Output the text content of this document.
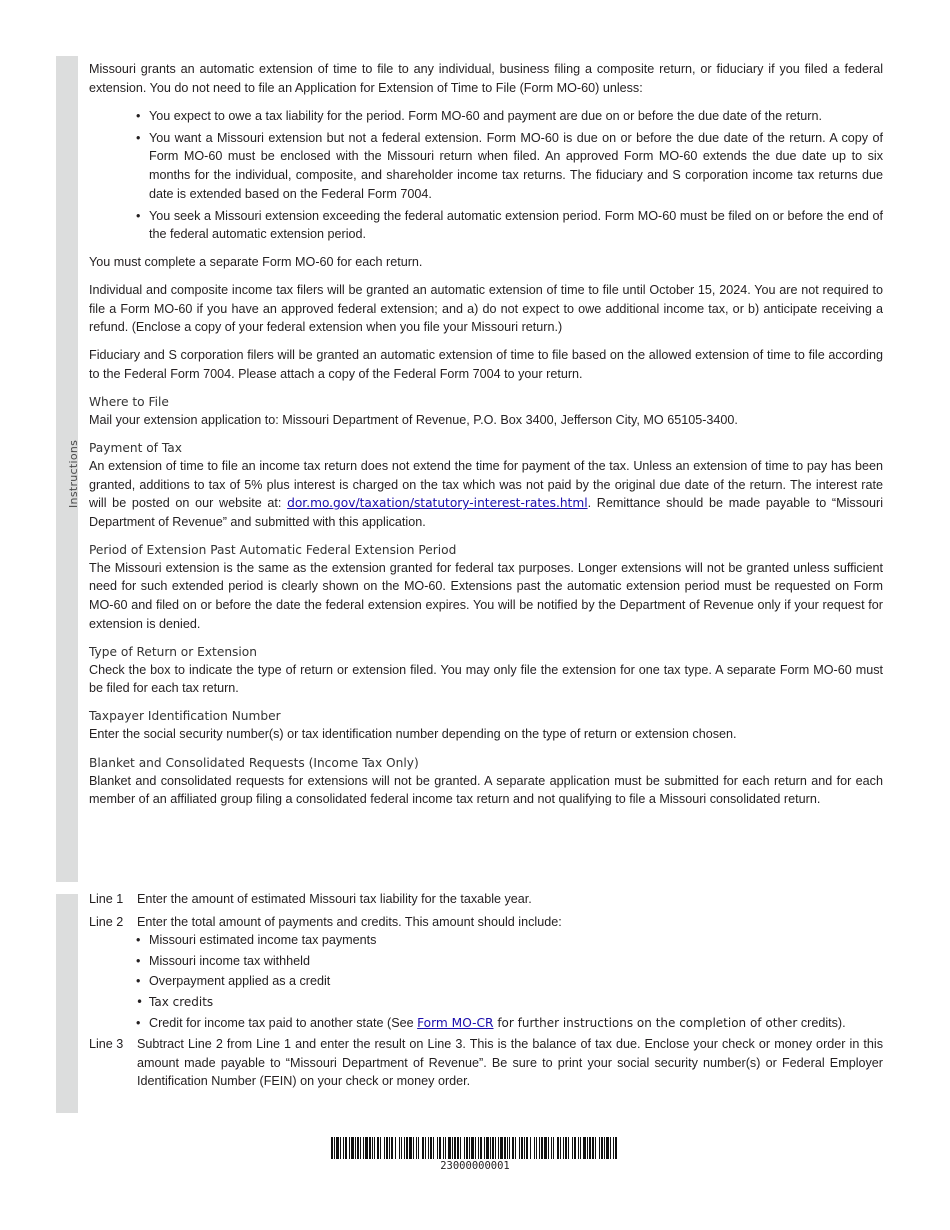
Instructions

Missouri grants an automatic extension of time to file to any individual, business filing a composite return, or fiduciary if you filed a federal extension. You do not need to file an Application for Extension of Time to File (Form MO-60) unless:

• You expect to owe a tax liability for the period. Form MO-60 and payment are due on or before the due date of the return.
• You want a Missouri extension but not a federal extension. Form MO-60 is due on or before the due date of the return. A copy of Form MO-60 must be enclosed with the Missouri return when filed. An approved Form MO-60 extends the due date up to six months for the individual, composite, and shareholder income tax returns. The fiduciary and S corporation income tax returns due date is extended based on the Federal Form 7004.
• You seek a Missouri extension exceeding the federal automatic extension period. Form MO-60 must be filed on or before the end of the federal automatic extension period.

You must complete a separate Form MO-60 for each return.

Individual and composite income tax filers will be granted an automatic extension of time to file until October 15, 2024. You are not required to file a Form MO-60 if you have an approved federal extension; and a) do not expect to owe additional income tax, or b) anticipate receiving a refund. (Enclose a copy of your federal extension when you file your Missouri return.)

Fiduciary and S corporation filers will be granted an automatic extension of time to file based on the allowed extension of time to file according to the Federal Form 7004. Please attach a copy of the Federal Form 7004 to your return.

Where to File

Mail your extension application to: Missouri Department of Revenue, P.O. Box 3400, Jefferson City, MO 65105-3400.

Payment of Tax

An extension of time to file an income tax return does not extend the time for payment of the tax. Unless an extension of time to pay has been granted, additions to tax of 5% plus interest is charged on the tax which was not paid by the original due date of the return. The interest rate will be posted on our website at: dor.mo.gov/taxation/statutory-interest-rates.html. Remittance should be made payable to “Missouri Department of Revenue” and submitted with this application.

Period of Extension Past Automatic Federal Extension Period

The Missouri extension is the same as the extension granted for federal tax purposes. Longer extensions will not be granted unless sufficient need for such extended period is clearly shown on the MO-60. Extensions past the automatic extension period must be requested on Form MO-60 and filed on or before the date the federal extension expires. You will be notified by the Department of Revenue only if your request for extension is denied.

Type of Return or Extension

Check the box to indicate the type of return or extension filed. You may only file the extension for one tax type. A separate Form MO-60 must be filed for each tax return.

Taxpayer Identification Number

Enter the social security number(s) or tax identification number depending on the type of return or extension chosen.

Blanket and Consolidated Requests (Income Tax Only)

Blanket and consolidated requests for extensions will not be granted. A separate application must be submitted for each return and for each member of an affiliated group filing a consolidated federal income tax return and not qualifying to file a Missouri consolidated return.

Line 1	Enter the amount of estimated Missouri tax liability for the taxable year.
Line 2	Enter the total amount of payments and credits. This amount should include:
• Missouri estimated income tax payments
• Missouri income tax withheld
• Overpayment applied as a credit
• Tax credits
• Credit for income tax paid to another state (See Form MO-CR for further instructions on the completion of other credits).
Line 3	Subtract Line 2 from Line 1 and enter the result on Line 3. This is the balance of tax due. Enclose your check or money order in this amount made payable to “Missouri Department of Revenue”. Be sure to print your social security number(s) or Federal Employer Identification Number (FEIN) on your check or money order.
23000000001
